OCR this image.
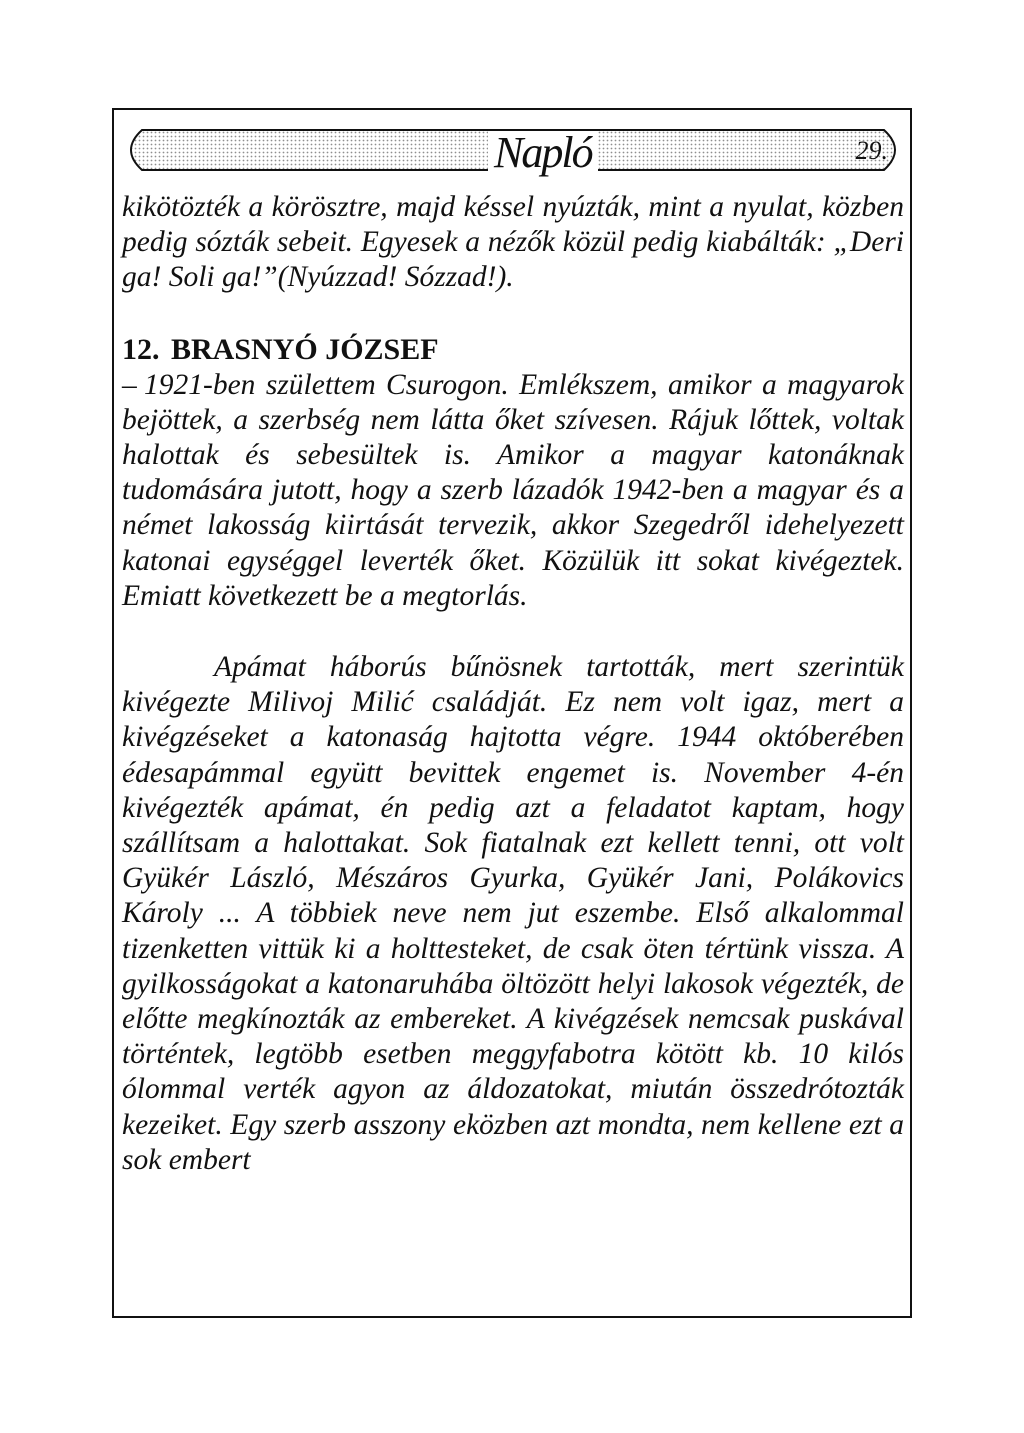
Napló	29.

kikötözték a körösztre, majd késsel nyúzták, mint a nyulat, közben pedig sózták sebeit. Egyesek a nézők közül pedig kiabálták: „Deri ga! Soli ga!”(Nyúzzad! Sózzad!).

12. BRASNYÓ JÓZSEF

– 1921-ben születtem Csurogon. Emlékszem, amikor a magyarok bejöttek, a szerbség nem látta őket szívesen. Rájuk lőttek, voltak halottak és sebesültek is. Amikor a magyar katonáknak tudomására jutott, hogy a szerb lázadók 1942-ben a magyar és a német lakosság kiirtását tervezik, akkor Szegedről idehelyezett katonai egységgel leverték őket. Közülük itt sokat kivégeztek. Emiatt következett be a megtorlás.

Apámat háborús bűnösnek tartották, mert szerintük kivégezte Milivoj Milić családját. Ez nem volt igaz, mert a kivégzéseket a katonaság hajtotta végre. 1944 októberében édesapámmal együtt bevittek engemet is. November 4-én kivégezték apámat, én pedig azt a feladatot kaptam, hogy szállítsam a halottakat. Sok fiatalnak ezt kellett tenni, ott volt Gyükér László, Mészáros Gyurka, Gyükér Jani, Polákovics Károly ... A többiek neve nem jut eszembe. Első alkalommal tizenketten vittük ki a holttesteket, de csak öten tértünk vissza. A gyilkosságokat a katonaruhába öltözött helyi lakosok végezték, de előtte megkínozták az embereket. A kivégzések nemcsak puskával történtek, legtöbb esetben meggyfabotra kötött kb. 10 kilós ólommal verték agyon az áldozatokat, miután összedrótozták kezeiket. Egy szerb asszony eközben azt mondta, nem kellene ezt a sok embert
